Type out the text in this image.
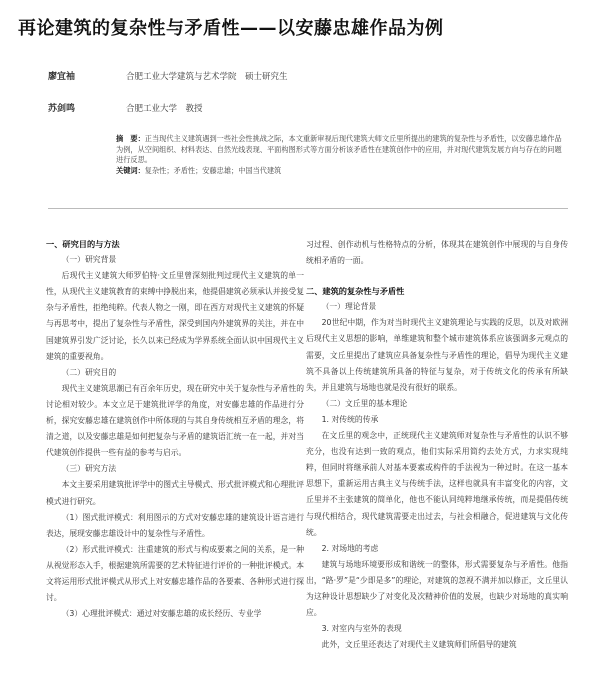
再论建筑的复杂性与矛盾性——以安藤忠雄作品为例
廖宜袖	合肥工业大学建筑与艺术学院　硕士研究生
苏剑鸣	合肥工业大学　教授
摘　要：正当现代主义建筑遇到一些社会性挑战之际，本文重新审视后现代建筑大师文丘里所提出的建筑的复杂性与矛盾性，以安藤忠雄作品为例，从空间组织、材料表达、自然光线表现、平面构图形式等方面分析该矛盾性在建筑创作中的应用，并对现代建筑发展方向与存在的问题进行反思。
关键词：复杂性；矛盾性；安藤忠雄；中国当代建筑
一、研究目的与方法
（一）研究背景

后现代主义建筑大师罗伯特·文丘里曾深刻批判过现代主义建筑的单一性，从现代主义建筑教育的束缚中挣脱出来，他提倡建筑必须承认并接受复杂与矛盾性，拒绝纯粹。代表人物之一刚，即在西方对现代主义建筑的怀疑与再思考中，提出了复杂性与矛盾性，深受到国内外建筑界的关注，并在中国建筑界引发广泛讨论，长久以来已经成为学界系统全面认识中国现代主义建筑的重要视角。

（二）研究目的

现代主义建筑思潮已有百余年历史，现在研究中关于复杂性与矛盾性的讨论相对较少。本文立足于建筑批评学的角度，对安藤忠雄的作品进行分析，探究安藤忠雄在建筑创作中所体现的与其自身传统相互矛盾的理念，将清之道，以及安藤忠雄是如何把复杂与矛盾的建筑语汇统一在一起，并对当代建筑创作提供一些有益的参考与启示。

（三）研究方法

本文主要采用建筑批评学中的图式主导模式、形式批评模式和心理批评模式进行研究。

（1）图式批评模式：利用图示的方式对安藤忠雄的建筑设计语言进行表达，展现安藤忠雄设计中的复杂性与矛盾性。

（2）形式批评模式：注重建筑的形式与构成要素之间的关系，是一种从视觉形态入手，根据建筑所需要的艺术特征进行评价的一种批评模式。本文将运用形式批评模式从形式上对安藤忠雄作品的各要素、各种形式进行探讨。

（3）心理批评模式：通过对安藤忠雄的成长经历、专业学

习过程、创作动机与性格特点的分析，体现其在建筑创作中展现的与自身传统相矛盾的一面。

二、建筑的复杂性与矛盾性
（一）理论背景

20世纪中期，作为对当时现代主义建筑理论与实践的反思，以及对欧洲后现代主义思想的影响，单维建筑和整个城市建筑体系应该强调多元观点的需要，文丘里提出了建筑应具备复杂性与矛盾性的理论，倡导为现代主义建筑不具备以上传统建筑所具备的特征与复杂，对于传统文化的传承有所缺失，并且建筑与场地也就是没有很好的联系。

（二）文丘里的基本理论
1. 对传统的传承

在文丘里的观念中，正统现代主义建筑师对复杂性与矛盾性的认识不够充分，也没有达到一致的观点，他们实际采用简约去处方式，力求实现纯粹，但同时将继承前人对基本要素或构件的手法视为一种过时。在这一基本思想下，重新运用古典主义与传统手法，这样也就具有丰富变化的内容，文丘里并不主张建筑的简单化，他也不能认同纯粹地继承传统，而是提倡传统与现代相结合，现代建筑需要走出过去，与社会相融合，促进建筑与文化传统。

2. 对场地的考虑

建筑与场地环境要形成和谐统一的整体，形式需要复杂与矛盾性。他指出，“路·罗”是“少即是多”的理论，对建筑的忽视不满并加以修正，文丘里认为这种设计思想缺少了对变化及次精神价值的发展，也缺少对场地的真实响应。

3. 对室内与室外的表现

此外，文丘里还表达了对现代主义建筑师们所倡导的建筑
